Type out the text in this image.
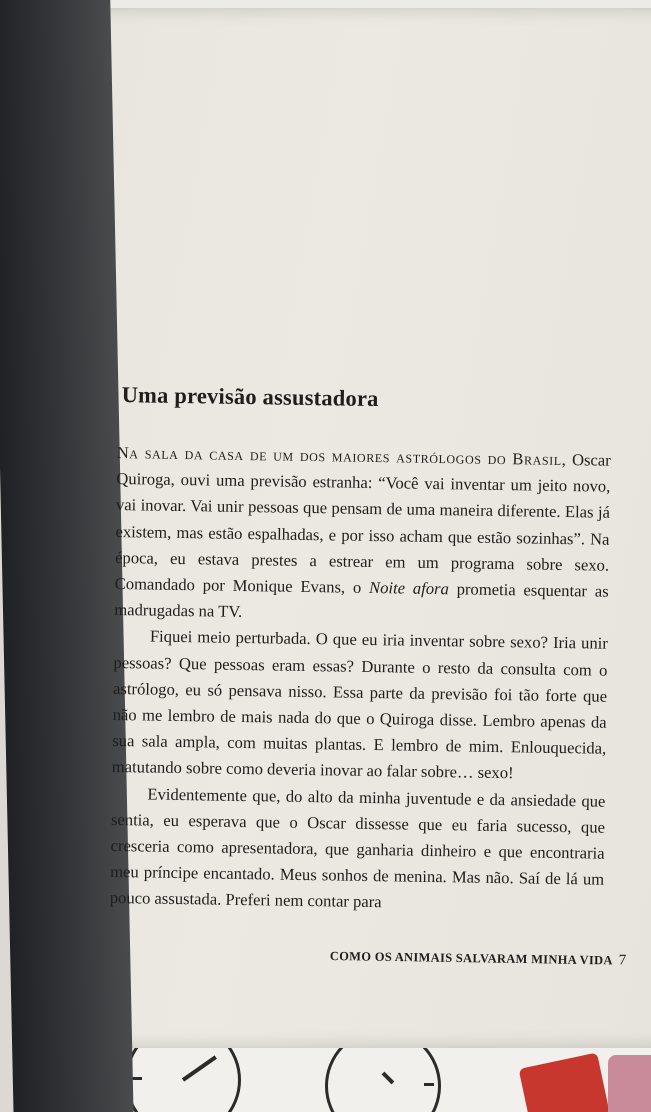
Uma previsão assustadora

Na sala da casa de um dos maiores astrólogos do Brasil, Oscar Quiroga, ouvi uma previsão estranha: “Você vai inventar um jeito novo, vai inovar. Vai unir pessoas que pensam de uma maneira diferente. Elas já existem, mas estão espalhadas, e por isso acham que estão sozinhas”. Na época, eu estava prestes a estrear em um programa sobre sexo. Comandado por Monique Evans, o Noite afora prometia esquentar as madrugadas na TV.

Fiquei meio perturbada. O que eu iria inventar sobre sexo? Iria unir pessoas? Que pessoas eram essas? Durante o resto da consulta com o astrólogo, eu só pensava nisso. Essa parte da previsão foi tão forte que não me lembro de mais nada do que o Quiroga disse. Lembro apenas da sua sala ampla, com muitas plantas. E lembro de mim. Enlouquecida, matutando sobre como deveria inovar ao falar sobre… sexo!

Evidentemente que, do alto da minha juventude e da ansiedade que sentia, eu esperava que o Oscar dissesse que eu faria sucesso, que cresceria como apresentadora, que ganharia dinheiro e que encontraria meu príncipe encantado. Meus sonhos de menina. Mas não. Saí de lá um pouco assustada. Preferi nem contar para

COMO OS ANIMAIS SALVARAM MINHA VIDA 7
